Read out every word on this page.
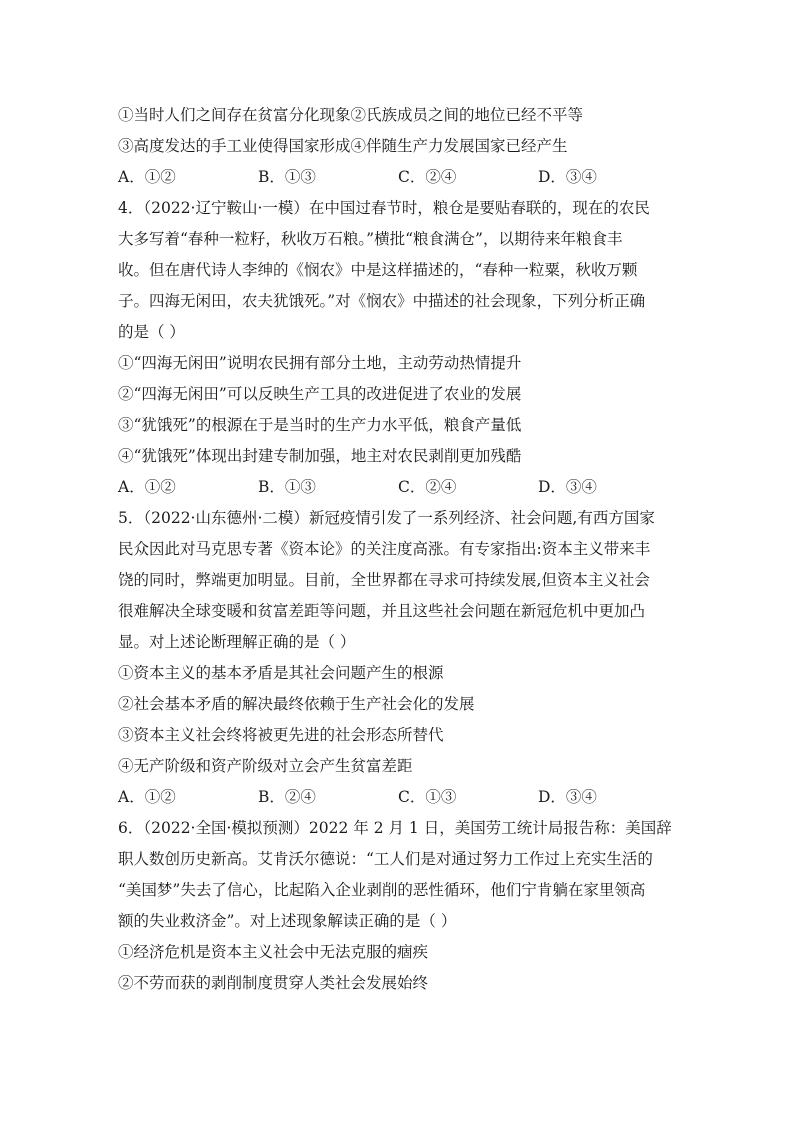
①当时人们之间存在贫富分化现象②氏族成员之间的地位已经不平等
③高度发达的手工业使得国家形成④伴随生产力发展国家已经产生
A．①②	B．①③	C．②④	D．③④
4．（2022·辽宁鞍山·一模）在中国过春节时，粮仓是要贴春联的，现在的农民
大多写着“春种一粒籽，秋收万石粮。”横批“粮食满仓”，以期待来年粮食丰
收。但在唐代诗人李绅的《悯农》中是这样描述的，“春种一粒粟，秋收万颗
子。四海无闲田，农夫犹饿死。”对《悯农》中描述的社会现象，下列分析正确
的是（ ）
①“四海无闲田”说明农民拥有部分土地，主动劳动热情提升
②“四海无闲田”可以反映生产工具的改进促进了农业的发展
③“犹饿死”的根源在于是当时的生产力水平低，粮食产量低
④“犹饿死”体现出封建专制加强，地主对农民剥削更加残酷
A．①②	B．①③	C．②④	D．③④
5．（2022·山东德州·二模）新冠疫情引发了一系列经济、社会问题,有西方国家
民众因此对马克思专著《资本论》的关注度高涨。有专家指出:资本主义带来丰
饶的同时，弊端更加明显。目前，全世界都在寻求可持续发展,但资本主义社会
很难解决全球变暖和贫富差距等问题，并且这些社会问题在新冠危机中更加凸
显。对上述论断理解正确的是（ ）
①资本主义的基本矛盾是其社会问题产生的根源
②社会基本矛盾的解决最终依赖于生产社会化的发展
③资本主义社会终将被更先进的社会形态所替代
④无产阶级和资产阶级对立会产生贫富差距
A．①②	B．②④	C．①③	D．③④
6．（2022·全国·模拟预测）2022 年 2 月 1 日，美国劳工统计局报告称：美国辞
职人数创历史新高。艾肯沃尔德说：“工人们是对通过努力工作过上充实生活的
“美国梦”失去了信心，比起陷入企业剥削的恶性循环，他们宁肯躺在家里领高
额的失业救济金”。对上述现象解读正确的是（ ）
①经济危机是资本主义社会中无法克服的痼疾
②不劳而获的剥削制度贯穿人类社会发展始终
